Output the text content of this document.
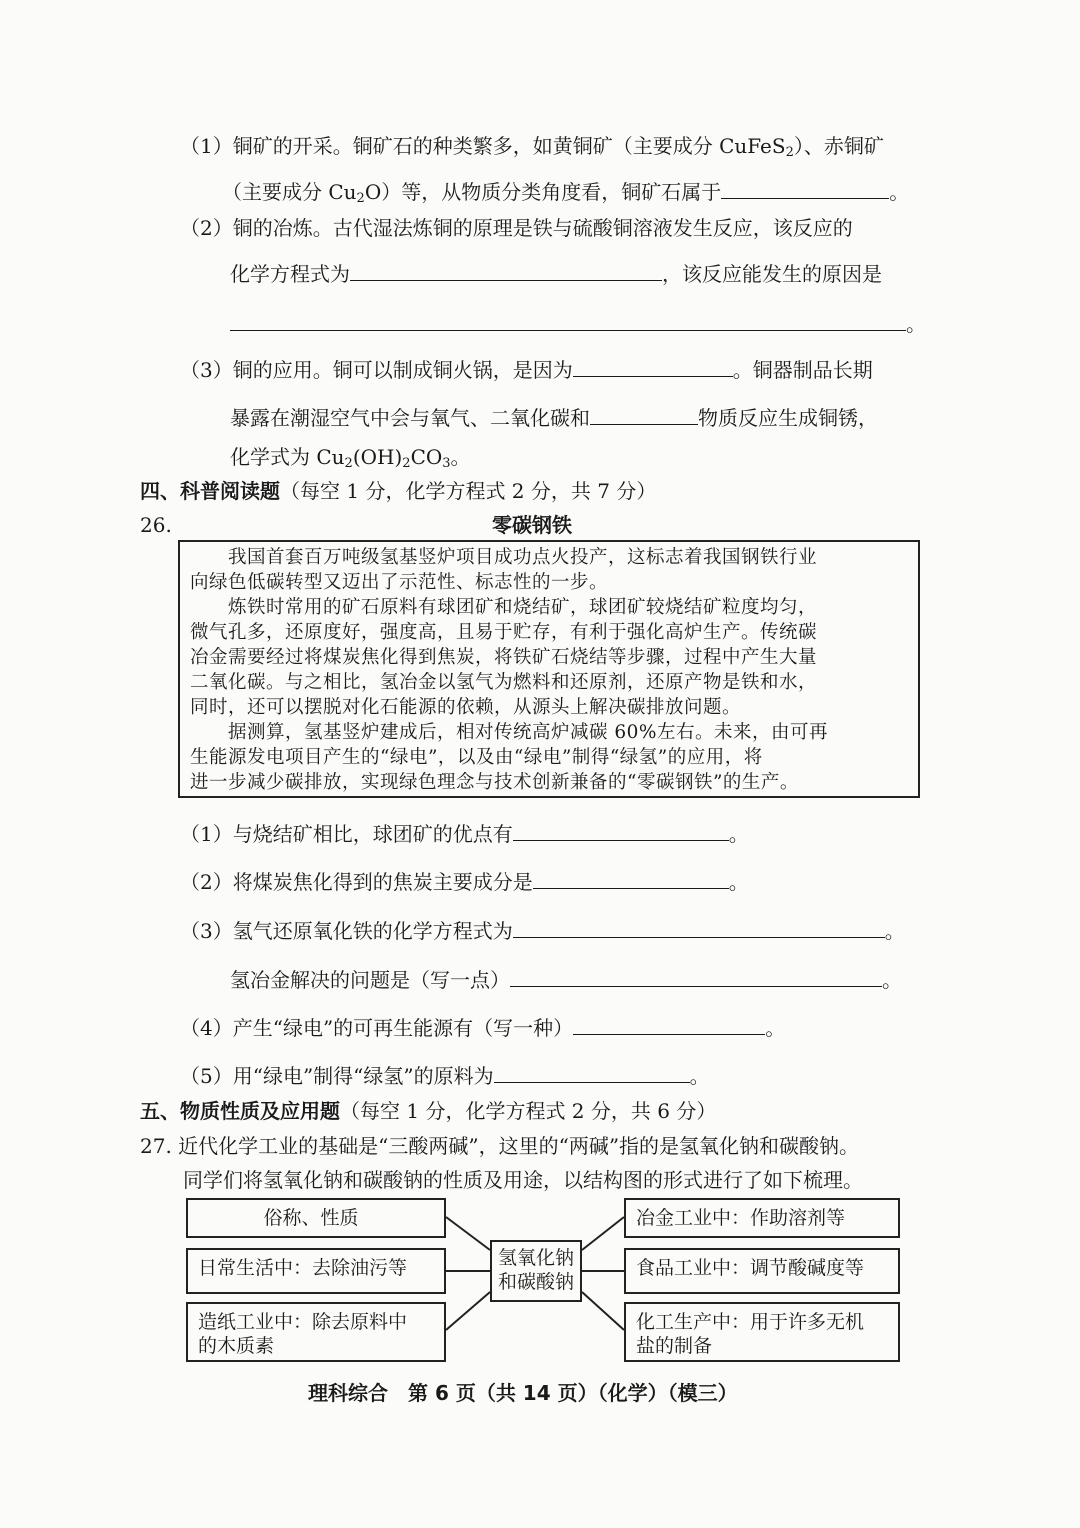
（1）铜矿的开采。铜矿石的种类繁多，如黄铜矿（主要成分 CuFeS$_2$）、赤铜矿
（主要成分 $Cu_2O$）等，从物质分类角度看，铜矿石属于	。
（2）铜的冶炼。古代湿法炼铜的原理是铁与硫酸铜溶液发生反应，该反应的
化学方程式为	，该反应能发生的原因是
。
（3）铜的应用。铜可以制成铜火锅，是因为	。铜器制品长期
暴露在潮湿空气中会与氧气、二氧化碳和	物质反应生成铜锈，
化学式为 $Cu_2(OH)_2CO_3$。
四、科普阅读题（每空 1 分，化学方程式 2 分，共 7 分）
26.	零碳钢铁
　　我国首套百万吨级氢基竖炉项目成功点火投产，这标志着我国钢铁行业
向绿色低碳转型又迈出了示范性、标志性的一步。
　　炼铁时常用的矿石原料有球团矿和烧结矿，球团矿较烧结矿粒度均匀，
微气孔多，还原度好，强度高，且易于贮存，有利于强化高炉生产。传统碳
冶金需要经过将煤炭焦化得到焦炭，将铁矿石烧结等步骤，过程中产生大量
二氧化碳。与之相比，氢冶金以氢气为燃料和还原剂，还原产物是铁和水，
同时，还可以摆脱对化石能源的依赖，从源头上解决碳排放问题。
　　据测算，氢基竖炉建成后，相对传统高炉减碳 60%左右。未来，由可再
生能源发电项目产生的“绿电”，以及由“绿电”制得“绿氢”的应用，将
进一步减少碳排放，实现绿色理念与技术创新兼备的“零碳钢铁”的生产。
（1）与烧结矿相比，球团矿的优点有	。
（2）将煤炭焦化得到的焦炭主要成分是	。
（3）氢气还原氧化铁的化学方程式为	。
氢冶金解决的问题是（写一点）	。
（4）产生“绿电”的可再生能源有（写一种）	。
（5）用“绿电”制得“绿氢”的原料为	。
五、物质性质及应用题（每空 1 分，化学方程式 2 分，共 6 分）
27. 近代化学工业的基础是“三酸两碱”，这里的“两碱”指的是氢氧化钠和碳酸钠。
同学们将氢氧化钠和碳酸钠的性质及用途，以结构图的形式进行了如下梳理。
俗称、性质
日常生活中：去除油污等
造纸工业中：除去原料中
的木质素
氢氧化钠
和碳酸钠
冶金工业中：作助溶剂等
食品工业中：调节酸碱度等
化工生产中：用于许多无机
盐的制备
理科综合　第 6 页（共 14 页）（化学）（模三）
